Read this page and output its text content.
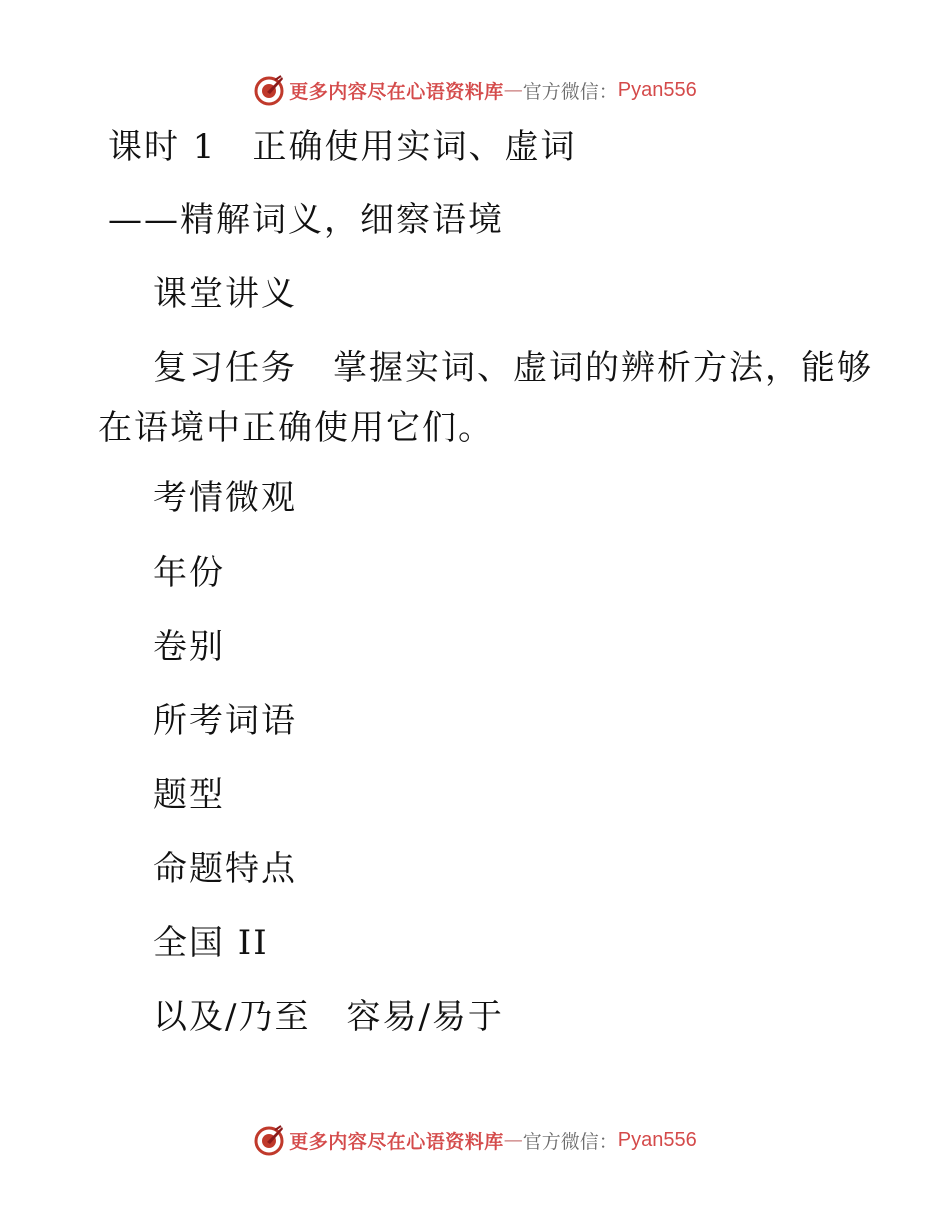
更多内容尽在心语资料库 — 官方微信： Pyan556
课时 1　正确使用实词、虚词
——精解词义，细察语境
课堂讲义
复习任务　掌握实词、虚词的辨析方法，能够
在语境中正确使用它们。
考情微观
年份
卷别
所考词语
题型
命题特点
全国 II
以及/乃至　容易/易于
更多内容尽在心语资料库 — 官方微信： Pyan556
